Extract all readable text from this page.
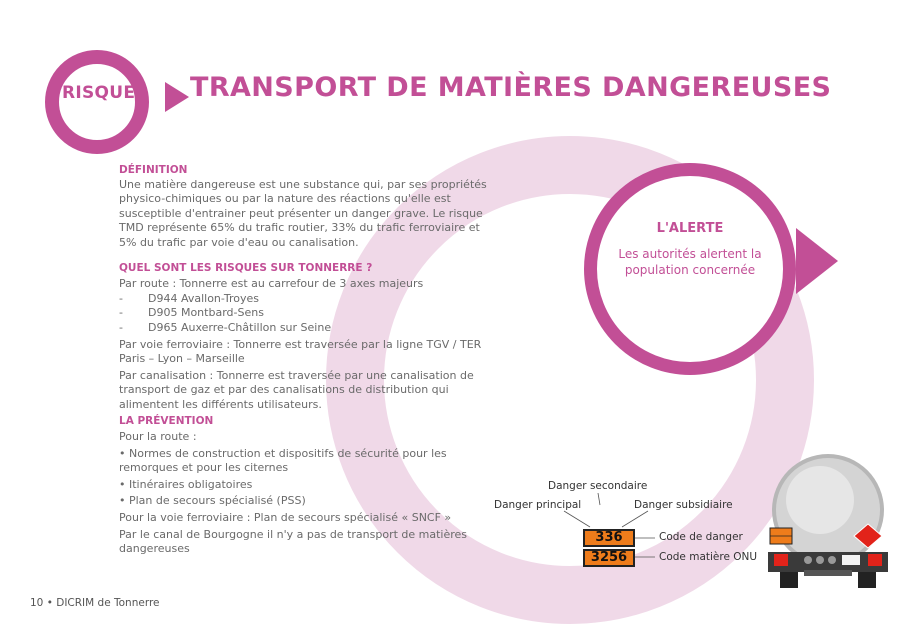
RISQUE TRANSPORT DE MATIÈRES DANGEREUSES
DÉFINITION

Une matière dangereuse est une substance qui, par ses propriétés physico-chimiques ou par la nature des réactions qu'elle est susceptible d'entrainer peut présenter un danger grave. Le risque TMD représente 65% du trafic routier, 33% du trafic ferroviaire et 5% du trafic par voie d'eau ou canalisation.

QUEL SONT LES RISQUES SUR TONNERRE ?

Par route : Tonnerre est au carrefour de 3 axes majeurs

- D944 Avallon-Troyes
- D905 Montbard-Sens
- D965 Auxerre-Châtillon sur Seine

Par voie ferroviaire : Tonnerre est traversée par la ligne TGV / TER Paris – Lyon – Marseille

Par canalisation : Tonnerre est traversée par une canalisation de transport de gaz et par des canalisations de distribution qui alimentent les différents utilisateurs.

LA PRÉVENTION

Pour la route :

• Normes de construction et dispositifs de sécurité pour les remorques et pour les citernes

• Itinéraires obligatoires

• Plan de secours spécialisé (PSS)

Pour la voie ferroviaire : Plan de secours spécialisé « SNCF »

Par le canal de Bourgogne il n'y a pas de transport de matières dangereuses

L'ALERTE

Les autorités alertent la population concernée

Danger secondaire
Danger principal	Danger subsidiaire
336
3256
Code de danger
Code matière ONU
10 • DICRIM de Tonnerre
